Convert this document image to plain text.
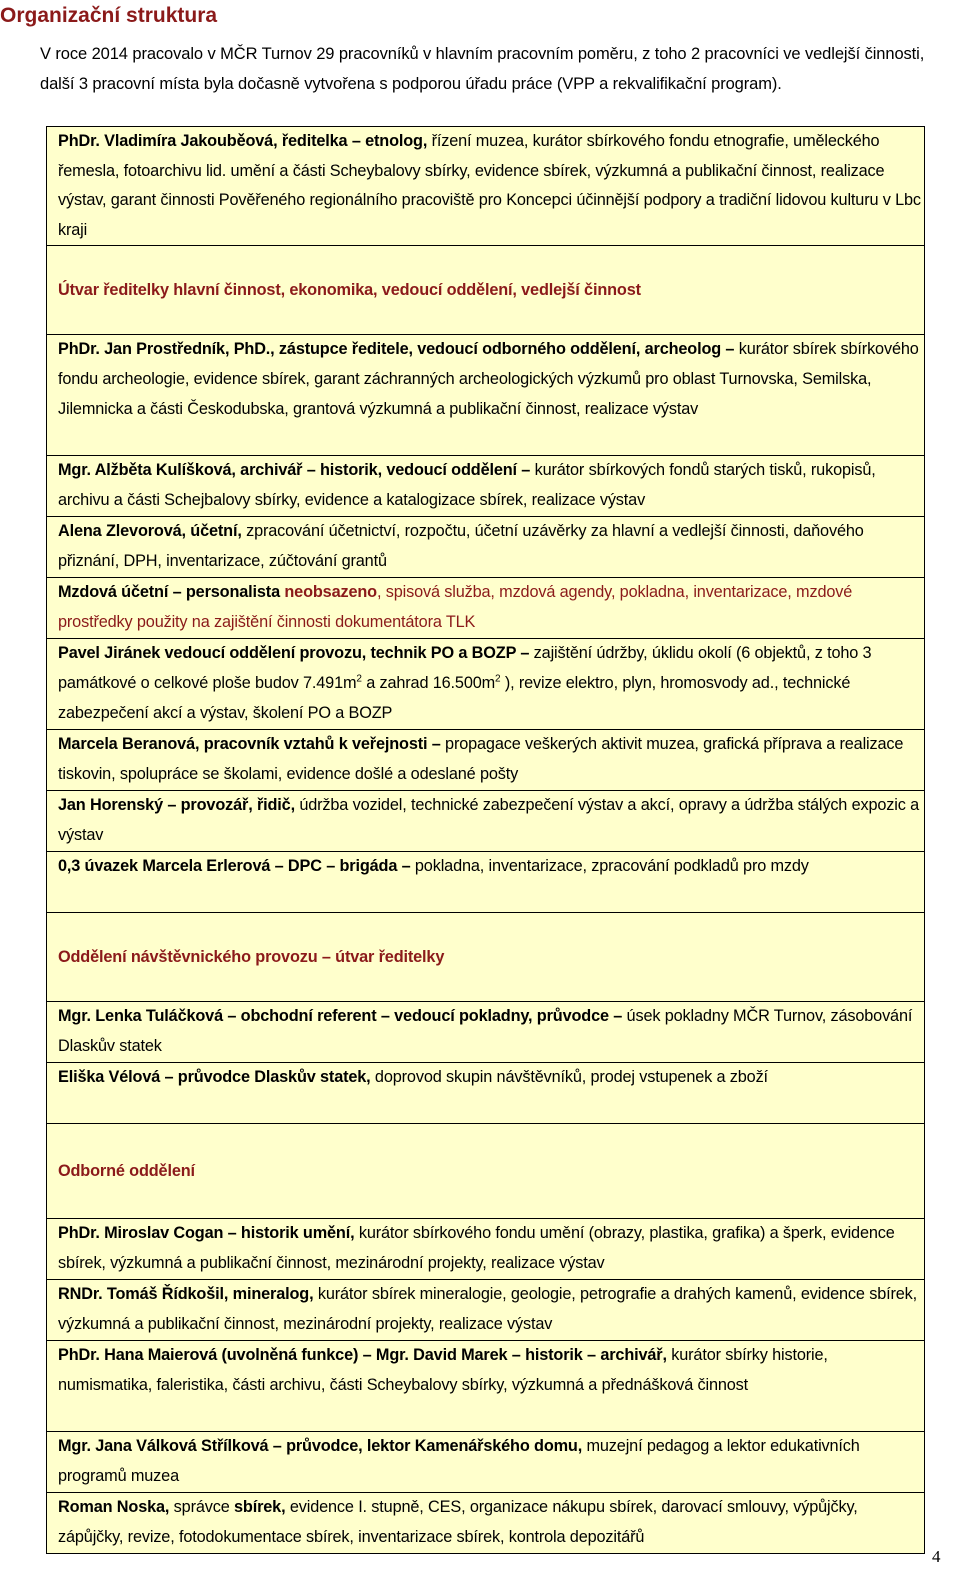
Organizační struktura
V roce 2014 pracovalo v MČR Turnov 29 pracovníků v hlavním pracovním poměru, z toho 2 pracovníci ve vedlejší činnosti, další 3 pracovní místa byla dočasně vytvořena s podporou úřadu práce (VPP a rekvalifikační program).
PhDr. Vladimíra Jakouběová, ředitelka – etnolog, řízení muzea, kurátor sbírkového fondu etnografie, uměleckého řemesla, fotoarchivu lid. umění a části Scheybalovy sbírky, evidence sbírek, výzkumná a publikační činnost, realizace výstav, garant činnosti Pověřeného regionálního pracoviště pro Koncepci účinnější podpory a tradiční lidovou kulturu v Lbc kraji
Útvar ředitelky hlavní činnost, ekonomika, vedoucí oddělení, vedlejší činnost
PhDr. Jan Prostředník, PhD., zástupce ředitele, vedoucí odborného oddělení, archeolog – kurátor sbírek sbírkového fondu archeologie, evidence sbírek, garant záchranných archeologických výzkumů pro oblast Turnovska, Semilska, Jilemnicka a části Českodubska, grantová výzkumná a publikační činnost, realizace výstav
Mgr. Alžběta Kulíšková, archivář – historik, vedoucí oddělení – kurátor sbírkových fondů starých tisků, rukopisů, archivu a části Schejbalovy sbírky, evidence a katalogizace sbírek, realizace výstav
Alena Zlevorová, účetní, zpracování účetnictví, rozpočtu, účetní uzávěrky za hlavní a vedlejší činnosti, daňového přiznání, DPH, inventarizace, zúčtování grantů
Mzdová účetní – personalista neobsazeno, spisová služba, mzdová agendy, pokladna, inventarizace, mzdové prostředky použity na zajištění činnosti dokumentátora TLK
Pavel Jiránek vedoucí oddělení provozu, technik PO a BOZP – zajištění údržby, úklidu okolí (6 objektů, z toho 3 památkové o celkové ploše budov $7.491m^2$ a zahrad $16.500m^2$ ), revize elektro, plyn, hromosvody ad., technické zabezpečení akcí a výstav, školení PO a BOZP
Marcela Beranová, pracovník vztahů k veřejnosti – propagace veškerých aktivit muzea, grafická příprava a realizace tiskovin, spolupráce se školami, evidence došlé a odeslané pošty
Jan Horenský – provozář, řidič, údržba vozidel, technické zabezpečení výstav a akcí, opravy a údržba stálých expozic a výstav
0,3 úvazek Marcela Erlerová – DPC – brigáda – pokladna, inventarizace, zpracování podkladů pro mzdy
Oddělení návštěvnického provozu – útvar ředitelky
Mgr. Lenka Tuláčková – obchodní referent – vedoucí pokladny, průvodce – úsek pokladny MČR Turnov, zásobování Dlaskův statek
Eliška Vélová – průvodce Dlaskův statek, doprovod skupin návštěvníků, prodej vstupenek a zboží
Odborné oddělení
PhDr. Miroslav Cogan – historik umění, kurátor sbírkového fondu umění (obrazy, plastika, grafika) a šperk, evidence sbírek, výzkumná a publikační činnost, mezinárodní projekty, realizace výstav
RNDr. Tomáš Řídkošil, mineralog, kurátor sbírek mineralogie, geologie, petrografie a drahých kamenů, evidence sbírek, výzkumná a publikační činnost, mezinárodní projekty, realizace výstav
PhDr. Hana Maierová (uvolněná funkce) – Mgr. David Marek – historik – archivář, kurátor sbírky historie, numismatika, faleristika, části archivu, části Scheybalovy sbírky, výzkumná a přednášková činnost
Mgr. Jana Válková Střílková – průvodce, lektor Kamenářského domu, muzejní pedagog a lektor edukativních programů muzea
Roman Noska, správce sbírek, evidence I. stupně, CES, organizace nákupu sbírek, darovací smlouvy, výpůjčky, zápůjčky, revize, fotodokumentace sbírek, inventarizace sbírek, kontrola depozitářů
4
